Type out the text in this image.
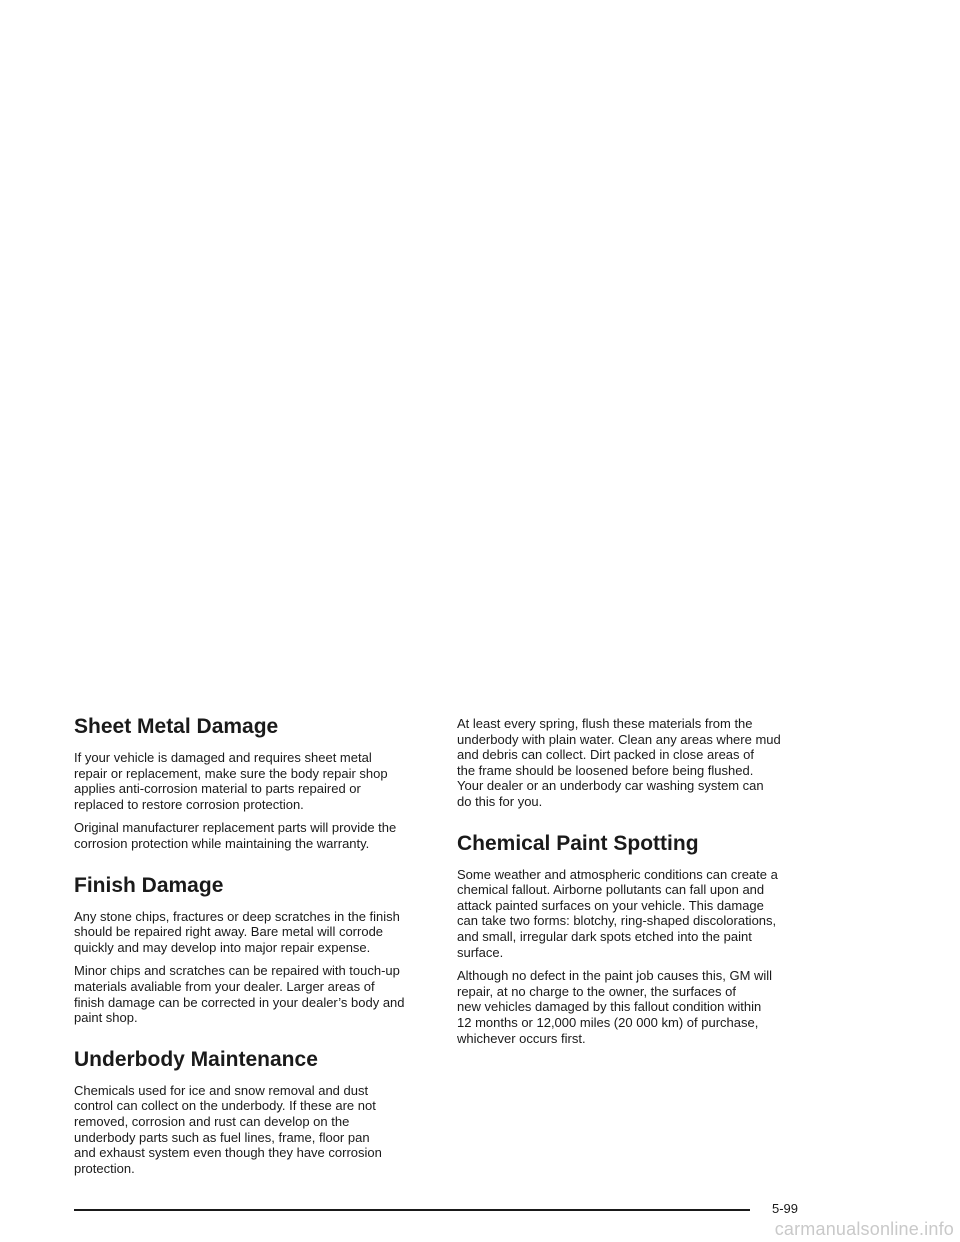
Sheet Metal Damage

If your vehicle is damaged and requires sheet metal
repair or replacement, make sure the body repair shop
applies anti-corrosion material to parts repaired or
replaced to restore corrosion protection.

Original manufacturer replacement parts will provide the
corrosion protection while maintaining the warranty.

Finish Damage

Any stone chips, fractures or deep scratches in the finish
should be repaired right away. Bare metal will corrode
quickly and may develop into major repair expense.

Minor chips and scratches can be repaired with touch-up
materials avaliable from your dealer. Larger areas of
finish damage can be corrected in your dealer’s body and
paint shop.

Underbody Maintenance

Chemicals used for ice and snow removal and dust
control can collect on the underbody. If these are not
removed, corrosion and rust can develop on the
underbody parts such as fuel lines, frame, floor pan
and exhaust system even though they have corrosion
protection.

At least every spring, flush these materials from the
underbody with plain water. Clean any areas where mud
and debris can collect. Dirt packed in close areas of
the frame should be loosened before being flushed.
Your dealer or an underbody car washing system can
do this for you.

Chemical Paint Spotting

Some weather and atmospheric conditions can create a
chemical fallout. Airborne pollutants can fall upon and
attack painted surfaces on your vehicle. This damage
can take two forms: blotchy, ring-shaped discolorations,
and small, irregular dark spots etched into the paint
surface.

Although no defect in the paint job causes this, GM will
repair, at no charge to the owner, the surfaces of
new vehicles damaged by this fallout condition within
12 months or 12,000 miles (20 000 km) of purchase,
whichever occurs first.

5-99
carmanualsonline.info
